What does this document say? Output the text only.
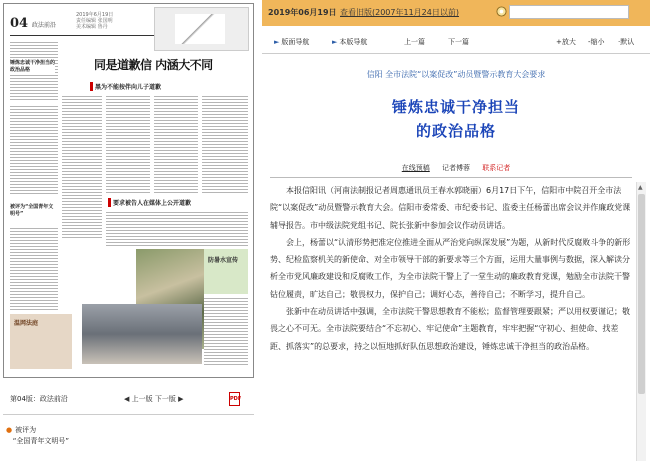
04 政法前沿
2019年6月19日
责任编辑 张国明
美术编辑 鲁丹
同是道歉信 内涵大不同
锤炼忠诚干净担当的政治品格
被评为“全国青年文明号”
黑为不能按伴向儿子道歉
要求被告人在媒体上公开道歉
防暑水宣传
温网法庭
第04版：政法前沿	◀ 上一版 下一版 ▶	PDF
● 被评为
“全国青年文明号”
2019年06月19日 查看旧版(2007年11月24日以前)
► 版面导航	► 本版导航	上一篇	下一篇	+放大 -缩小 ·默认
信阳 全市法院“以案促改”动员暨警示教育大会要求
锤炼忠诚干净担当
的政治品格
在线预稿 记者傅蓉 联系记者

本报信阳讯（河南法制报记者周惠通讯员王春水郭晓丽）6月17日下午，信阳市中院召开全市法院“以案促改”动员暨警示教育大会。信阳市委常委、市纪委书记、监委主任杨蕾出席会议并作廉政党课辅导报告。市中级法院党组书记、院长张新中参加会议作动员讲话。

会上，杨蕾以“认清形势把准定位推进全面从严治党向纵深发展”为题，从新时代反腐败斗争的新形势、纪检监察机关的新使命、对全市领导干部的新要求等三个方面，运用大量事例与数据，深入解读分析全市党风廉政建设和反腐败工作，为全市法院干警上了一堂生动的廉政教育党课，勉励全市法院干警钻位履责，旷达自己；敬畏权力，保护自己；调好心态，善待自己；不断学习，提升自己。

张新中在动员讲话中强调，全市法院干警思想教育不能松；监督管理要跟紧；严以用权要谨记；敬畏之心不可无。全市法院要结合“不忘初心、牢记使命”主题教育，牢牢把握“守初心、担使命、找差距、抓落实”的总要求，持之以恒地抓好队伍思想政治建设，锤炼忠诚干净担当的政治品格。

▲
